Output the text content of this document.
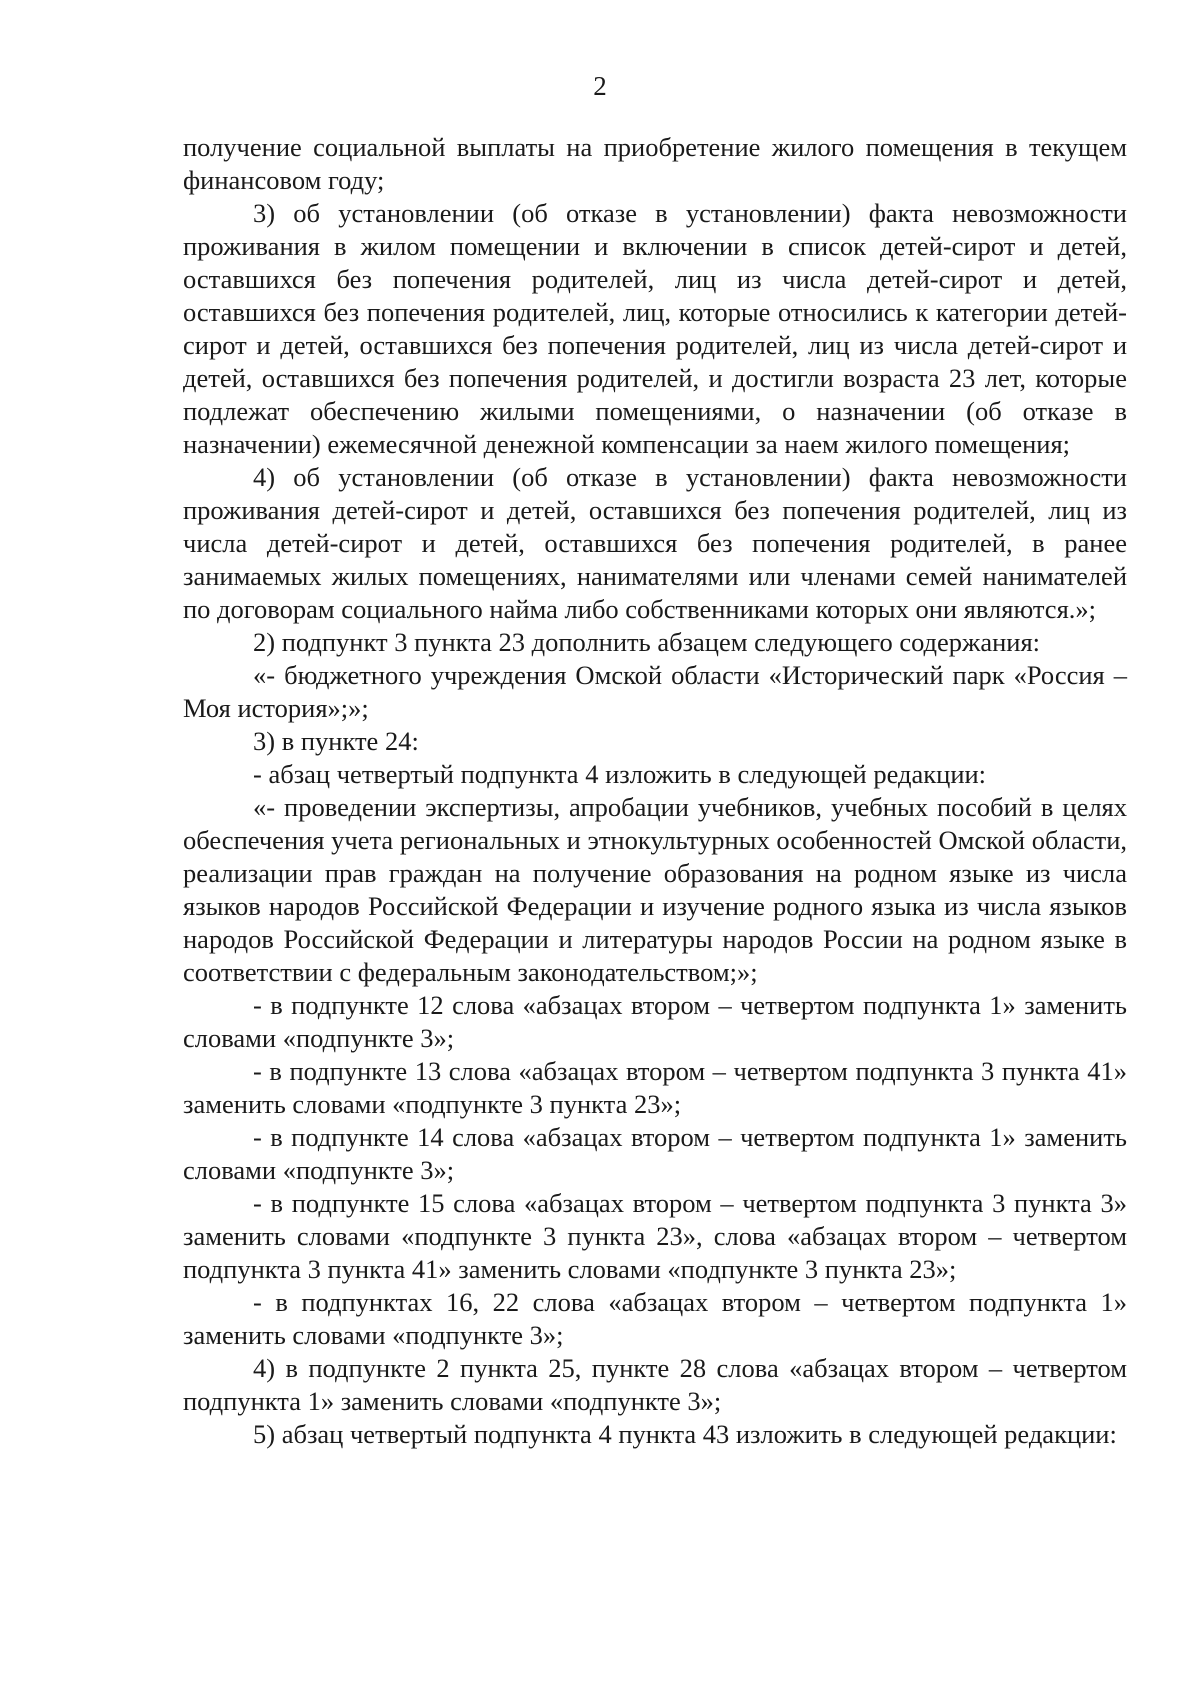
2

получение социальной выплаты на приобретение жилого помещения в текущем финансовом году;

3) об установлении (об отказе в установлении) факта невозможности проживания в жилом помещении и включении в список детей-сирот и детей, оставшихся без попечения родителей, лиц из числа детей-сирот и детей, оставшихся без попечения родителей, лиц, которые относились к категории детей-сирот и детей, оставшихся без попечения родителей, лиц из числа детей-сирот и детей, оставшихся без попечения родителей, и достигли возраста 23 лет, которые подлежат обеспечению жилыми помещениями, о назначении (об отказе в назначении) ежемесячной денежной компенсации за наем жилого помещения;

4) об установлении (об отказе в установлении) факта невозможности проживания детей-сирот и детей, оставшихся без попечения родителей, лиц из числа детей-сирот и детей, оставшихся без попечения родителей, в ранее занимаемых жилых помещениях, нанимателями или членами семей нанимателей по договорам социального найма либо собственниками которых они являются.»;

2) подпункт 3 пункта 23 дополнить абзацем следующего содержания:

«- бюджетного учреждения Омской области «Исторический парк «Россия – Моя история»;»;

3) в пункте 24:

- абзац четвертый подпункта 4 изложить в следующей редакции:

«- проведении экспертизы, апробации учебников, учебных пособий в целях обеспечения учета региональных и этнокультурных особенностей Омской области, реализации прав граждан на получение образования на родном языке из числа языков народов Российской Федерации и изучение родного языка из числа языков народов Российской Федерации и литературы народов России на родном языке в соответствии с федеральным законодательством;»;

- в подпункте 12 слова «абзацах втором – четвертом подпункта 1» заменить словами «подпункте 3»;

- в подпункте 13 слова «абзацах втором – четвертом подпункта 3 пункта 41» заменить словами «подпункте 3 пункта 23»;

- в подпункте 14 слова «абзацах втором – четвертом подпункта 1» заменить словами «подпункте 3»;

- в подпункте 15 слова «абзацах втором – четвертом подпункта 3 пункта 3» заменить словами «подпункте 3 пункта 23», слова «абзацах втором – четвертом подпункта 3 пункта 41» заменить словами «подпункте 3 пункта 23»;

- в подпунктах 16, 22 слова «абзацах втором – четвертом подпункта 1» заменить словами «подпункте 3»;

4) в подпункте 2 пункта 25, пункте 28 слова «абзацах втором – четвертом подпункта 1» заменить словами «подпункте 3»;

5) абзац четвертый подпункта 4 пункта 43 изложить в следующей редакции:
